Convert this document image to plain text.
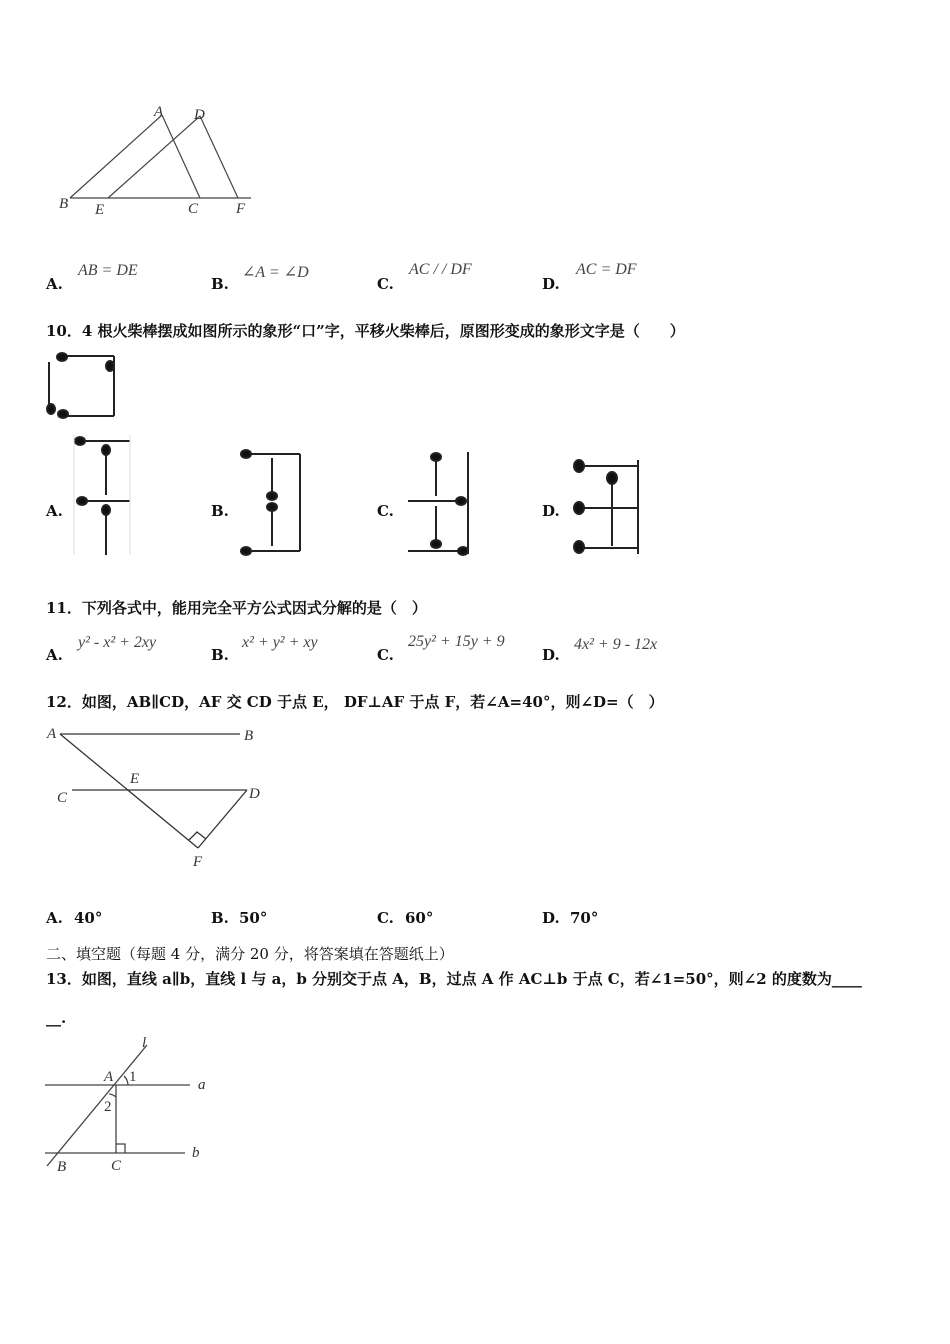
A D
B E	C	F
A.
AB = DE
B.
∠A = ∠D
C.
AC / / DF
D.
AC = DF
10．4 根火柴棒摆成如图所示的象形“口”字，平移火柴棒后，原图形变成的象形文字是（　　）
A.	B.	C.	D.
11．下列各式中，能用完全平方公式因式分解的是（　）
A.
y² - x² + 2xy
B.
x² + y² + xy
C.
25y² + 15y + 9
D.
4x² + 9 - 12x
12．如图，AB∥CD，AF 交 CD 于点 E， DF⊥AF 于点 F，若∠A=40°，则∠D=（　）
A	B
C	D
E
F
A. 40°	B. 50°	C. 60°	D. 70°
二、填空题（每题 4 分，满分 20 分，将答案填在答题纸上）
13．如图，直线 a∥b，直线 l 与 a，b 分别交于点 A，B，过点 A 作 AC⊥b 于点 C，若∠1=50°，则∠2 的度数为____
__.
l
A 1	a
2
B	C
b
